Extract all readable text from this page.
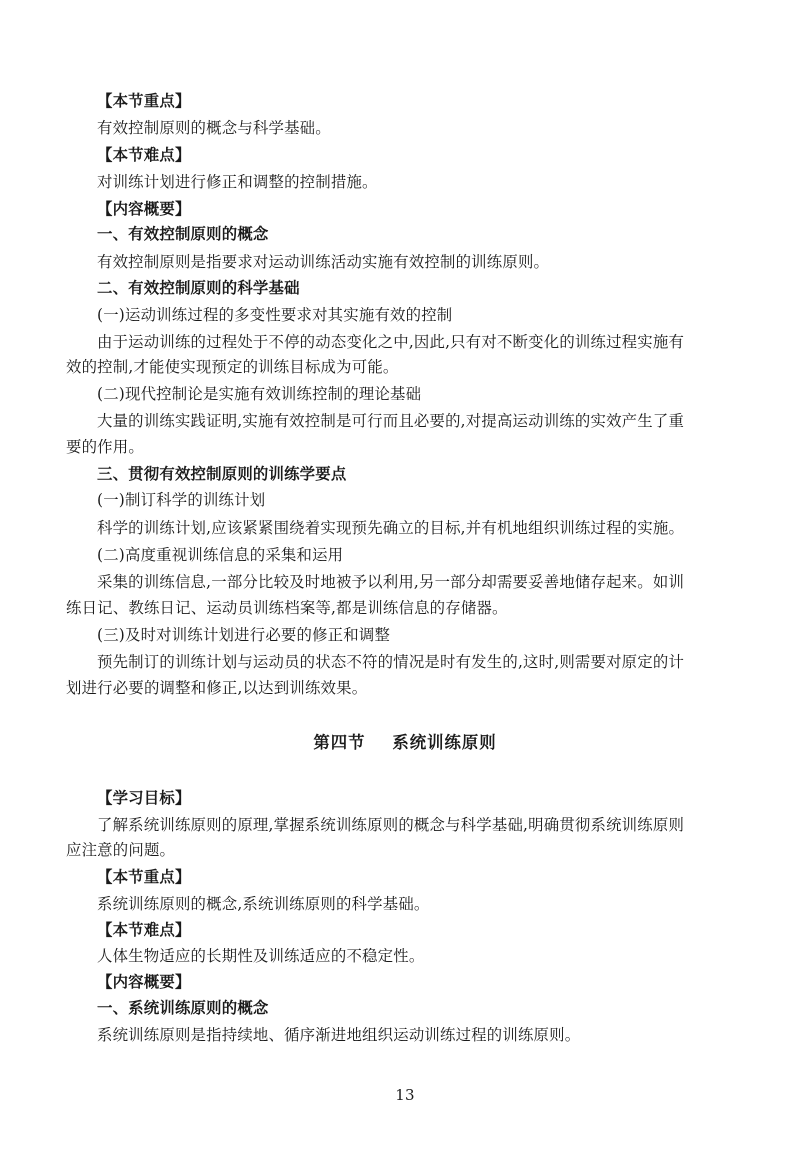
【本节重点】

有效控制原则的概念与科学基础。

【本节难点】

对训练计划进行修正和调整的控制措施。

【内容概要】

一、有效控制原则的概念

有效控制原则是指要求对运动训练活动实施有效控制的训练原则。

二、有效控制原则的科学基础

(一)运动训练过程的多变性要求对其实施有效的控制

由于运动训练的过程处于不停的动态变化之中,因此,只有对不断变化的训练过程实施有

效的控制,才能使实现预定的训练目标成为可能。

(二)现代控制论是实施有效训练控制的理论基础

大量的训练实践证明,实施有效控制是可行而且必要的,对提高运动训练的实效产生了重

要的作用。

三、贯彻有效控制原则的训练学要点

(一)制订科学的训练计划

科学的训练计划,应该紧紧围绕着实现预先确立的目标,并有机地组织训练过程的实施。

(二)高度重视训练信息的采集和运用

采集的训练信息,一部分比较及时地被予以利用,另一部分却需要妥善地储存起来。如训

练日记、教练日记、运动员训练档案等,都是训练信息的存储器。

(三)及时对训练计划进行必要的修正和调整

预先制订的训练计划与运动员的状态不符的情况是时有发生的,这时,则需要对原定的计

划进行必要的调整和修正,以达到训练效果。

第四节    系统训练原则

【学习目标】

了解系统训练原则的原理,掌握系统训练原则的概念与科学基础,明确贯彻系统训练原则

应注意的问题。

【本节重点】

系统训练原则的概念,系统训练原则的科学基础。

【本节难点】

人体生物适应的长期性及训练适应的不稳定性。

【内容概要】

一、系统训练原则的概念

系统训练原则是指持续地、循序渐进地组织运动训练过程的训练原则。

13
